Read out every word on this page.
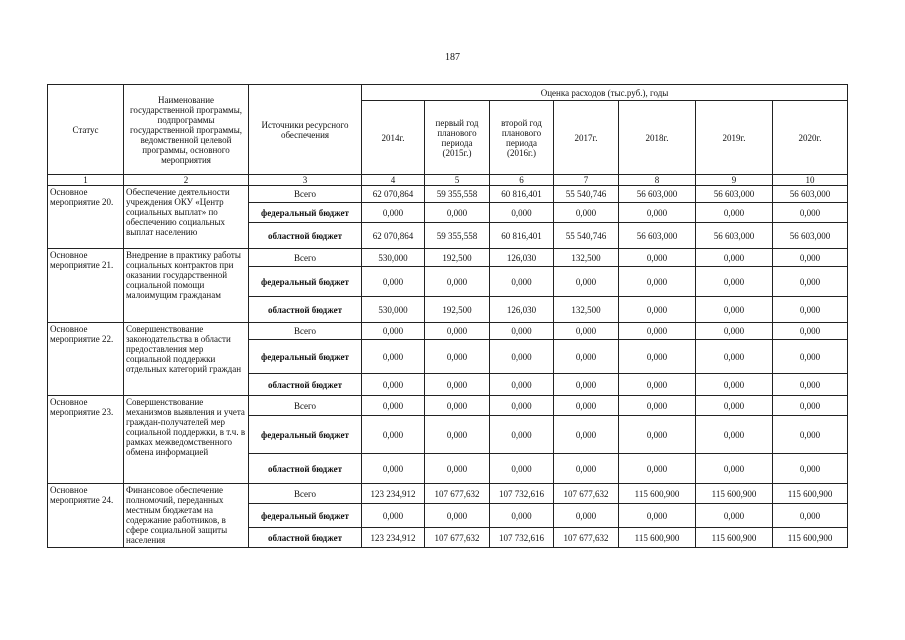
187
Статус	Наименование государственной программы, подпрограммы государственной программы, ведомственной целевой программы, основного мероприятия	Источники ресурсного обеспечения	Оценка расходов (тыс.руб.), годы						
			2014г.	первый год планового периода (2015г.)	второй год планового периода (2016г.)	2017г.	2018г.	2019г.	2020г.
1	2	3	4	5	6	7	8	9	10
Основное мероприятие 20.	Обеспечение деятельности учреждения ОКУ «Центр социальных выплат» по обеспечению социальных выплат населению	Всего	62 070,864	59 355,558	60 816,401	55 540,746	56 603,000	56 603,000	56 603,000
		федеральный бюджет	0,000	0,000	0,000	0,000	0,000	0,000	0,000
		областной бюджет	62 070,864	59 355,558	60 816,401	55 540,746	56 603,000	56 603,000	56 603,000
Основное мероприятие 21.	Внедрение в практику работы социальных контрактов при оказании государственной социальной помощи малоимущим гражданам	Всего	530,000	192,500	126,030	132,500	0,000	0,000	0,000
		федеральный бюджет	0,000	0,000	0,000	0,000	0,000	0,000	0,000
		областной бюджет	530,000	192,500	126,030	132,500	0,000	0,000	0,000
Основное мероприятие 22.	Совершенствование законодательства в области предоставления мер социальной поддержки отдельных категорий граждан	Всего	0,000	0,000	0,000	0,000	0,000	0,000	0,000
		федеральный бюджет	0,000	0,000	0,000	0,000	0,000	0,000	0,000
		областной бюджет	0,000	0,000	0,000	0,000	0,000	0,000	0,000
Основное мероприятие 23.	Совершенствование механизмов выявления и учета граждан-получателей мер социальной поддержки, в т.ч. в рамках межведомственного обмена информацией	Всего	0,000	0,000	0,000	0,000	0,000	0,000	0,000
		федеральный бюджет	0,000	0,000	0,000	0,000	0,000	0,000	0,000
		областной бюджет	0,000	0,000	0,000	0,000	0,000	0,000	0,000
Основное мероприятие 24.	Финансовое обеспечение полномочий, переданных местным бюджетам на содержание работников, в сфере социальной защиты населения	Всего	123 234,912	107 677,632	107 732,616	107 677,632	115 600,900	115 600,900	115 600,900
		федеральный бюджет	0,000	0,000	0,000	0,000	0,000	0,000	0,000
		областной бюджет	123 234,912	107 677,632	107 732,616	107 677,632	115 600,900	115 600,900	115 600,900
